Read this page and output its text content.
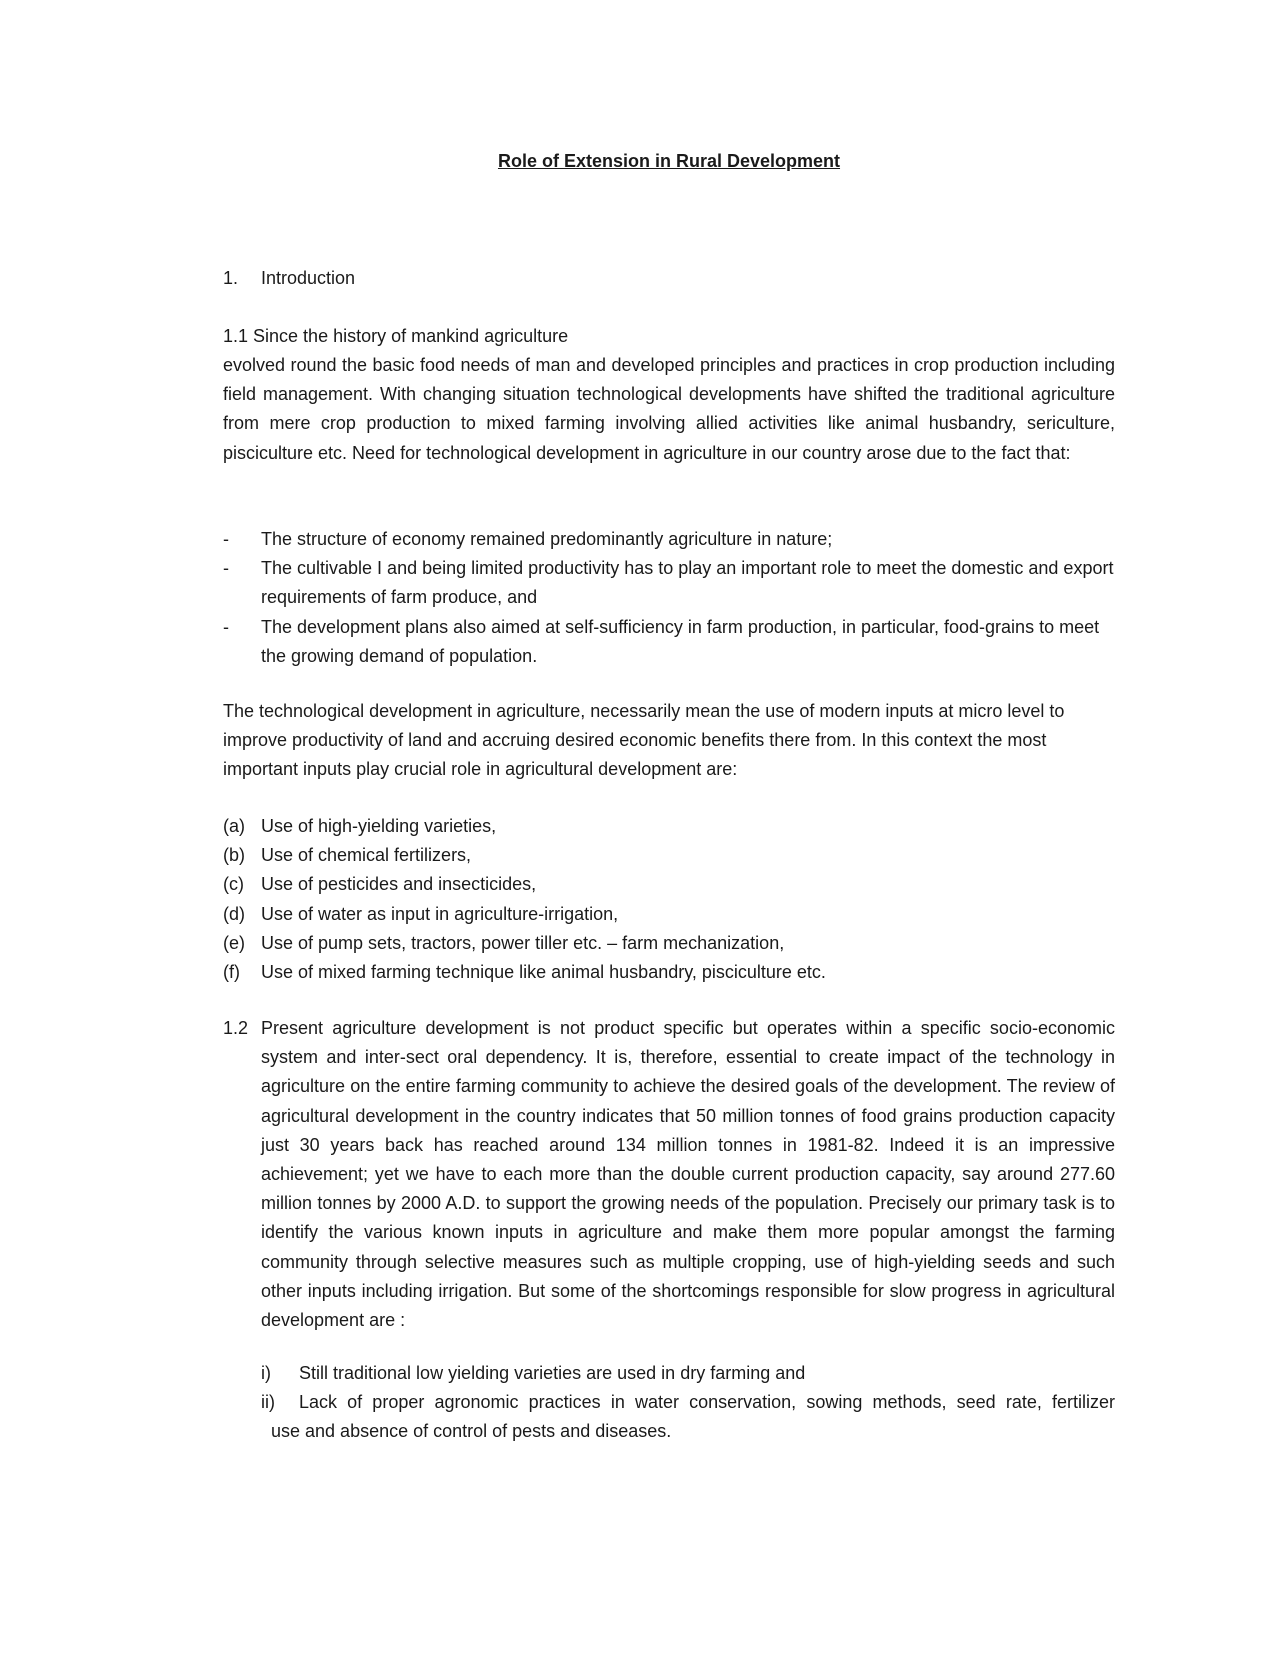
Role of Extension in Rural Development
1. Introduction
1.1 Since the history of mankind agriculture
evolved round the basic food needs of man and developed principles and practices in crop production including field management. With changing situation technological developments have shifted the traditional agriculture from mere crop production to mixed farming involving allied activities like animal husbandry, sericulture, pisciculture etc. Need for technological development in agriculture in our country arose due to the fact that:
- The structure of economy remained predominantly agriculture in nature;
- The cultivable I and being limited productivity has to play an important role to meet the domestic and export requirements of farm produce, and
- The development plans also aimed at self-sufficiency in farm production, in particular, food-grains to meet the growing demand of population.
The technological development in agriculture, necessarily mean the use of modern inputs at micro level to improve productivity of land and accruing desired economic benefits there from. In this context the most important inputs play crucial role in agricultural development are:
(a) Use of high-yielding varieties,
(b) Use of chemical fertilizers,
(c) Use of pesticides and insecticides,
(d) Use of water as input in agriculture-irrigation,
(e) Use of pump sets, tractors, power tiller etc. – farm mechanization,
(f) Use of mixed farming technique like animal husbandry, pisciculture etc.
1.2 Present agriculture development is not product specific but operates within a specific socio-economic system and inter-sect oral dependency. It is, therefore, essential to create impact of the technology in agriculture on the entire farming community to achieve the desired goals of the development. The review of agricultural development in the country indicates that 50 million tonnes of food grains production capacity just 30 years back has reached around 134 million tonnes in 1981-82. Indeed it is an impressive achievement; yet we have to each more than the double current production capacity, say around 277.60 million tonnes by 2000 A.D. to support the growing needs of the population. Precisely our primary task is to identify the various known inputs in agriculture and make them more popular amongst the farming community through selective measures such as multiple cropping, use of high-yielding seeds and such other inputs including irrigation. But some of the shortcomings responsible for slow progress in agricultural development are :
i) Still traditional low yielding varieties are used in dry farming and
ii) Lack of proper agronomic practices in water conservation, sowing methods, seed rate, fertilizer
use and absence of control of pests and diseases.
